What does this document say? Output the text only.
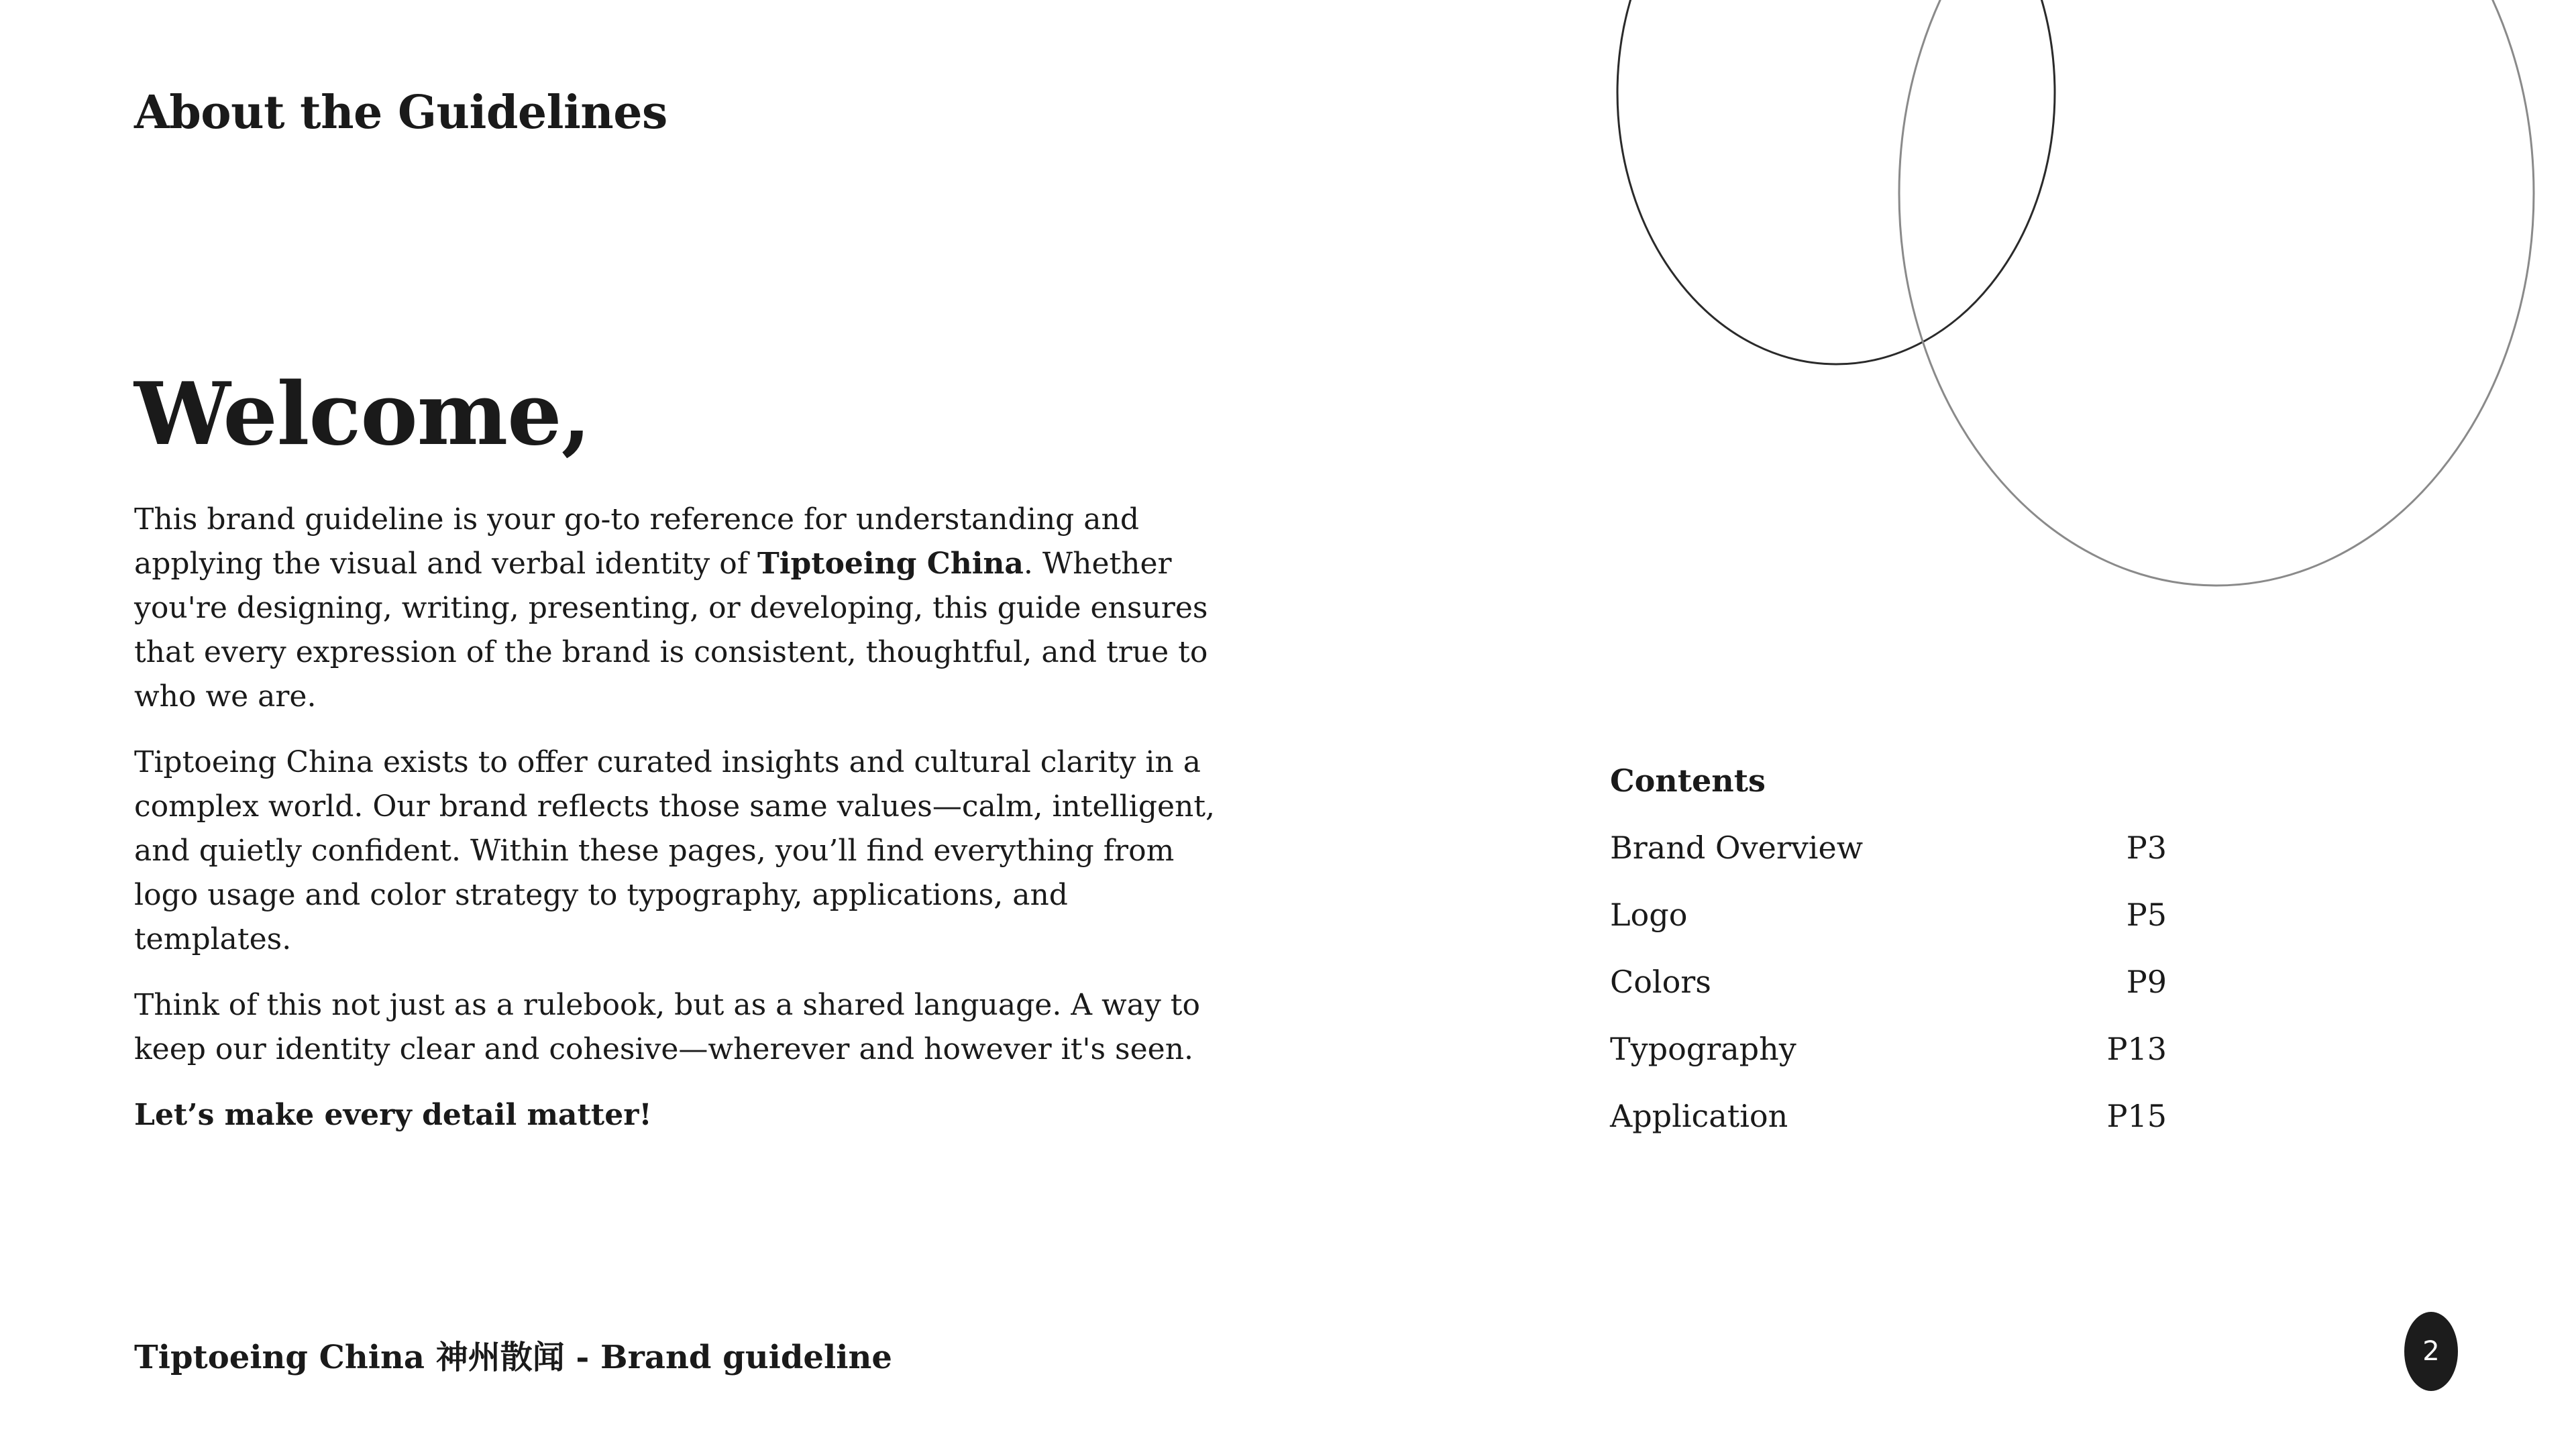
About the Guidelines
Welcome,

This brand guideline is your go-to reference for understanding and applying the visual and verbal identity of Tiptoeing China. Whether you're designing, writing, presenting, or developing, this guide ensures that every expression of the brand is consistent, thoughtful, and true to who we are.

Tiptoeing China exists to offer curated insights and cultural clarity in a complex world. Our brand reflects those same values—calm, intelligent, and quietly confident. Within these pages, you’ll find everything from logo usage and color strategy to typography, applications, and templates.

Think of this not just as a rulebook, but as a shared language. A way to keep our identity clear and cohesive—wherever and however it's seen.

Let’s make every detail matter!

Contents
Brand Overview	P3
Logo	P5
Colors	P9
Typography	P13
Application	P15
Tiptoeing China 神州散闻 - Brand guideline	2
